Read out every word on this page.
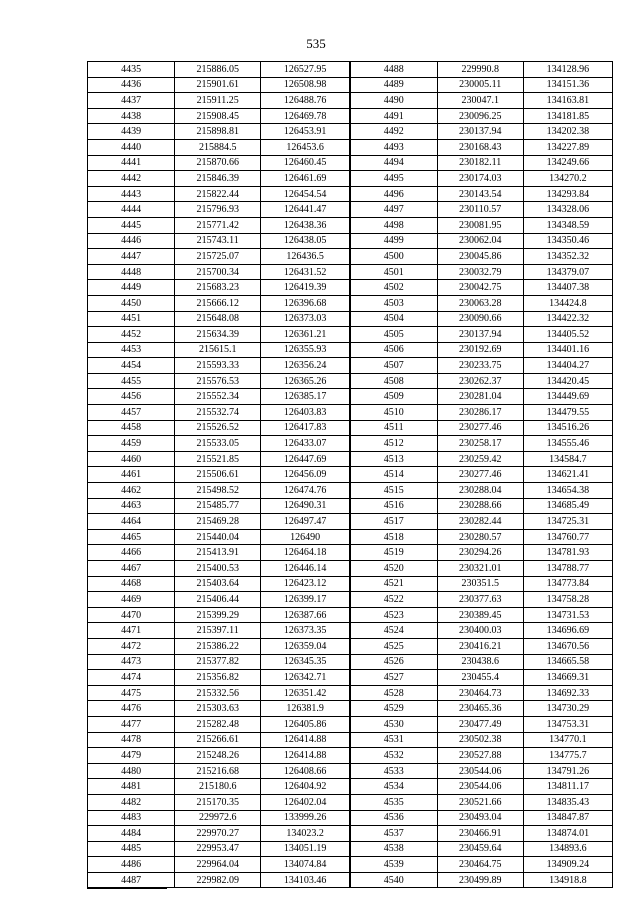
535
4435	215886.05	126527.95	4488	229990.8	134128.96
4436	215901.61	126508.98	4489	230005.11	134151.36
4437	215911.25	126488.76	4490	230047.1	134163.81
4438	215908.45	126469.78	4491	230096.25	134181.85
4439	215898.81	126453.91	4492	230137.94	134202.38
4440	215884.5	126453.6	4493	230168.43	134227.89
4441	215870.66	126460.45	4494	230182.11	134249.66
4442	215846.39	126461.69	4495	230174.03	134270.2
4443	215822.44	126454.54	4496	230143.54	134293.84
4444	215796.93	126441.47	4497	230110.57	134328.06
4445	215771.42	126438.36	4498	230081.95	134348.59
4446	215743.11	126438.05	4499	230062.04	134350.46
4447	215725.07	126436.5	4500	230045.86	134352.32
4448	215700.34	126431.52	4501	230032.79	134379.07
4449	215683.23	126419.39	4502	230042.75	134407.38
4450	215666.12	126396.68	4503	230063.28	134424.8
4451	215648.08	126373.03	4504	230090.66	134422.32
4452	215634.39	126361.21	4505	230137.94	134405.52
4453	215615.1	126355.93	4506	230192.69	134401.16
4454	215593.33	126356.24	4507	230233.75	134404.27
4455	215576.53	126365.26	4508	230262.37	134420.45
4456	215552.34	126385.17	4509	230281.04	134449.69
4457	215532.74	126403.83	4510	230286.17	134479.55
4458	215526.52	126417.83	4511	230277.46	134516.26
4459	215533.05	126433.07	4512	230258.17	134555.46
4460	215521.85	126447.69	4513	230259.42	134584.7
4461	215506.61	126456.09	4514	230277.46	134621.41
4462	215498.52	126474.76	4515	230288.04	134654.38
4463	215485.77	126490.31	4516	230288.66	134685.49
4464	215469.28	126497.47	4517	230282.44	134725.31
4465	215440.04	126490	4518	230280.57	134760.77
4466	215413.91	126464.18	4519	230294.26	134781.93
4467	215400.53	126446.14	4520	230321.01	134788.77
4468	215403.64	126423.12	4521	230351.5	134773.84
4469	215406.44	126399.17	4522	230377.63	134758.28
4470	215399.29	126387.66	4523	230389.45	134731.53
4471	215397.11	126373.35	4524	230400.03	134696.69
4472	215386.22	126359.04	4525	230416.21	134670.56
4473	215377.82	126345.35	4526	230438.6	134665.58
4474	215356.82	126342.71	4527	230455.4	134669.31
4475	215332.56	126351.42	4528	230464.73	134692.33
4476	215303.63	126381.9	4529	230465.36	134730.29
4477	215282.48	126405.86	4530	230477.49	134753.31
4478	215266.61	126414.88	4531	230502.38	134770.1
4479	215248.26	126414.88	4532	230527.88	134775.7
4480	215216.68	126408.66	4533	230544.06	134791.26
4481	215180.6	126404.92	4534	230544.06	134811.17
4482	215170.35	126402.04	4535	230521.66	134835.43
4483	229972.6	133999.26	4536	230493.04	134847.87
4484	229970.27	134023.2	4537	230466.91	134874.01
4485	229953.47	134051.19	4538	230459.64	134893.6
4486	229964.04	134074.84	4539	230464.75	134909.24
4487	229982.09	134103.46	4540	230499.89	134918.8
